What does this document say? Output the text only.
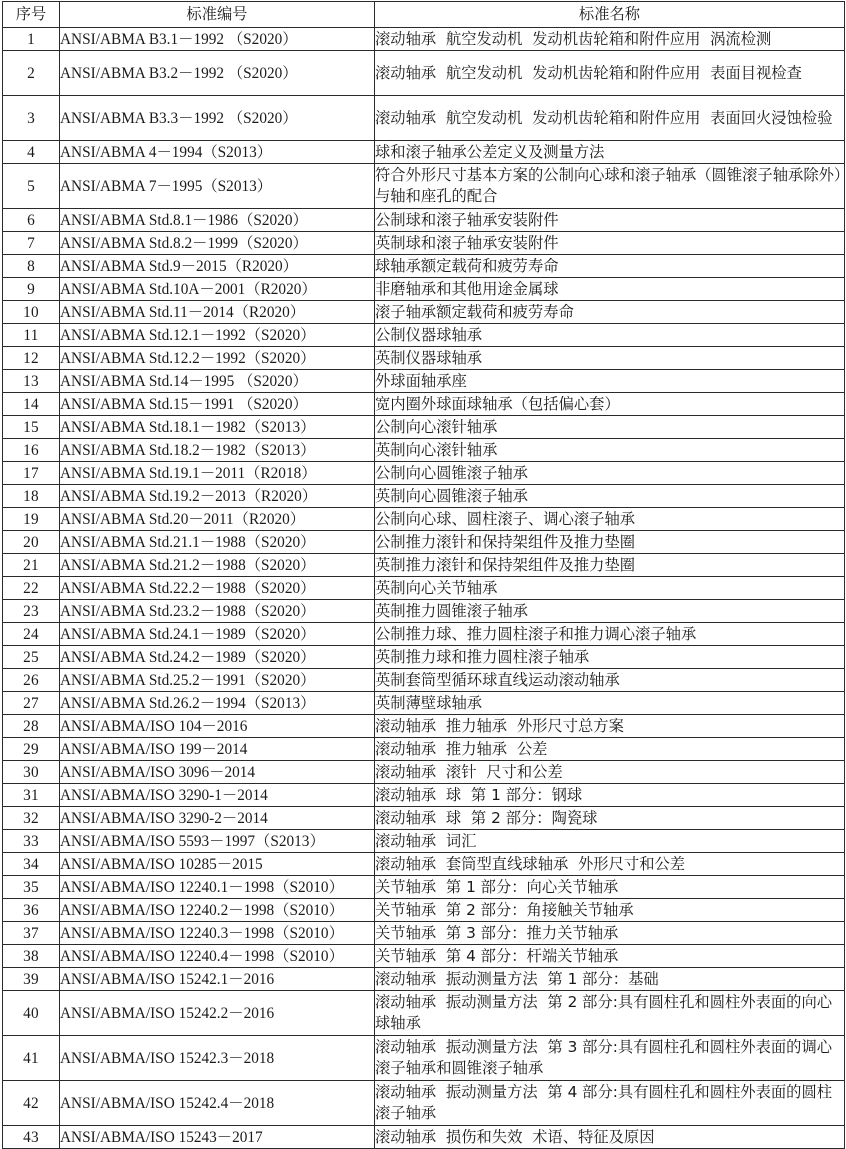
序号	标准编号	标准名称
1	ANSI/ABMA B3.1－1992 （S2020）	滚动轴承  航空发动机  发动机齿轮箱和附件应用  涡流检测
2	ANSI/ABMA B3.2－1992 （S2020）	滚动轴承  航空发动机  发动机齿轮箱和附件应用  表面目视检查
3	ANSI/ABMA B3.3－1992 （S2020）	滚动轴承  航空发动机  发动机齿轮箱和附件应用  表面回火浸蚀检验
4	ANSI/ABMA 4－1994（S2013）	球和滚子轴承公差定义及测量方法
5	ANSI/ABMA 7－1995（S2013）	符合外形尺寸基本方案的公制向心球和滚子轴承（圆锥滚子轴承除外）与轴和座孔的配合
6	ANSI/ABMA Std.8.1－1986（S2020）	公制球和滚子轴承安装附件
7	ANSI/ABMA Std.8.2－1999（S2020）	英制球和滚子轴承安装附件
8	ANSI/ABMA Std.9－2015（R2020）	球轴承额定载荷和疲劳寿命
9	ANSI/ABMA Std.10A－2001（R2020）	非磨轴承和其他用途金属球
10	ANSI/ABMA Std.11－2014（R2020）	滚子轴承额定载荷和疲劳寿命
11	ANSI/ABMA Std.12.1－1992（S2020）	公制仪器球轴承
12	ANSI/ABMA Std.12.2－1992（S2020）	英制仪器球轴承
13	ANSI/ABMA Std.14－1995 （S2020）	外球面轴承座
14	ANSI/ABMA Std.15－1991 （S2020）	宽内圈外球面球轴承（包括偏心套）
15	ANSI/ABMA Std.18.1－1982（S2013）	公制向心滚针轴承
16	ANSI/ABMA Std.18.2－1982（S2013）	英制向心滚针轴承
17	ANSI/ABMA Std.19.1－2011（R2018）	公制向心圆锥滚子轴承
18	ANSI/ABMA Std.19.2－2013（R2020）	英制向心圆锥滚子轴承
19	ANSI/ABMA Std.20－2011（R2020）	公制向心球、圆柱滚子、调心滚子轴承
20	ANSI/ABMA Std.21.1－1988（S2020）	公制推力滚针和保持架组件及推力垫圈
21	ANSI/ABMA Std.21.2－1988（S2020）	英制推力滚针和保持架组件及推力垫圈
22	ANSI/ABMA Std.22.2－1988（S2020）	英制向心关节轴承
23	ANSI/ABMA Std.23.2－1988（S2020）	英制推力圆锥滚子轴承
24	ANSI/ABMA Std.24.1－1989（S2020）	公制推力球、推力圆柱滚子和推力调心滚子轴承
25	ANSI/ABMA Std.24.2－1989（S2020）	英制推力球和推力圆柱滚子轴承
26	ANSI/ABMA Std.25.2－1991（S2020）	英制套筒型循环球直线运动滚动轴承
27	ANSI/ABMA Std.26.2－1994（S2013）	英制薄壁球轴承
28	ANSI/ABMA/ISO 104－2016	滚动轴承  推力轴承  外形尺寸总方案
29	ANSI/ABMA/ISO 199－2014	滚动轴承  推力轴承  公差
30	ANSI/ABMA/ISO 3096－2014	滚动轴承  滚针  尺寸和公差
31	ANSI/ABMA/ISO 3290-1－2014	滚动轴承  球  第 1 部分：钢球
32	ANSI/ABMA/ISO 3290-2－2014	滚动轴承  球  第 2 部分：陶瓷球
33	ANSI/ABMA/ISO 5593－1997（S2013）	滚动轴承  词汇
34	ANSI/ABMA/ISO 10285－2015	滚动轴承  套筒型直线球轴承  外形尺寸和公差
35	ANSI/ABMA/ISO 12240.1－1998（S2010）	关节轴承  第 1 部分：向心关节轴承
36	ANSI/ABMA/ISO 12240.2－1998（S2010）	关节轴承  第 2 部分：角接触关节轴承
37	ANSI/ABMA/ISO 12240.3－1998（S2010）	关节轴承  第 3 部分：推力关节轴承
38	ANSI/ABMA/ISO 12240.4－1998（S2010）	关节轴承  第 4 部分：杆端关节轴承
39	ANSI/ABMA/ISO 15242.1－2016	滚动轴承  振动测量方法  第 1 部分：基础
40	ANSI/ABMA/ISO 15242.2－2016	滚动轴承  振动测量方法  第 2 部分:具有圆柱孔和圆柱外表面的向心球轴承
41	ANSI/ABMA/ISO 15242.3－2018	滚动轴承  振动测量方法  第 3 部分:具有圆柱孔和圆柱外表面的调心滚子轴承和圆锥滚子轴承
42	ANSI/ABMA/ISO 15242.4－2018	滚动轴承  振动测量方法  第 4 部分:具有圆柱孔和圆柱外表面的圆柱滚子轴承
43	ANSI/ABMA/ISO 15243－2017	滚动轴承  损伤和失效  术语、特征及原因
